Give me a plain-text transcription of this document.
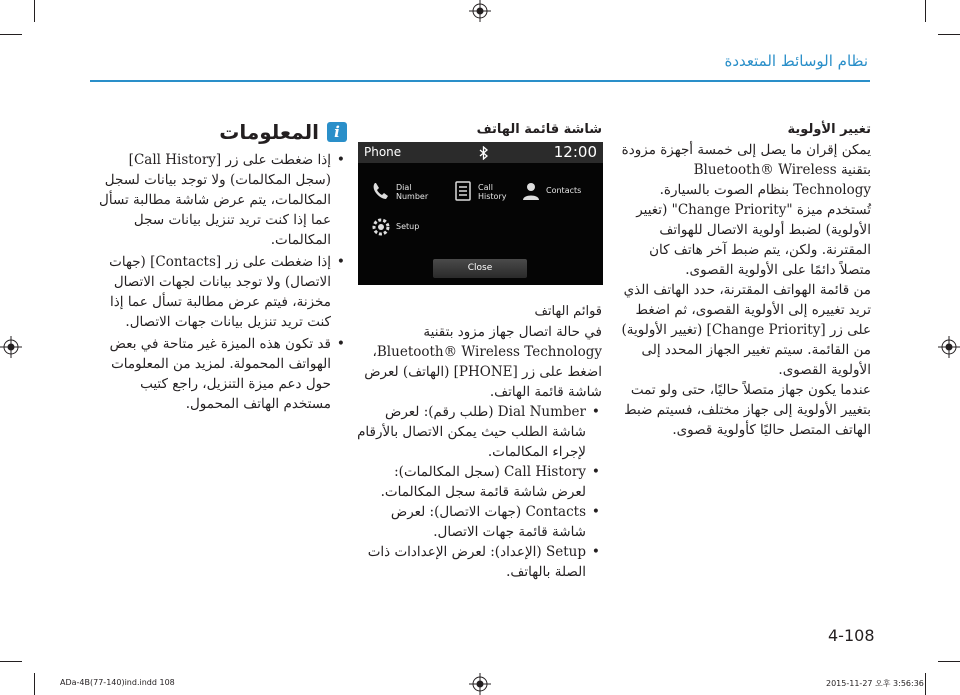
نظام الوسائط المتعددة

تغيير الأولوية

يمكن إقران ما يصل إلى خمسة أجهزة مزودة بتقنية Bluetooth® Wireless Technology بنظام الصوت بالسيارة.

تُستخدم ميزة "Change Priority" (تغيير الأولوية) لضبط أولوية الاتصال للهواتف المقترنة. ولكن، يتم ضبط آخر هاتف كان متصلاً دائمًا على الأولوية القصوى.

من قائمة الهواتف المقترنة، حدد الهاتف الذي تريد تغييره إلى الأولوية القصوى، ثم اضغط على زر [Change Priority] (تغيير الأولوية) من القائمة. سيتم تغيير الجهاز المحدد إلى الأولوية القصوى.

عندما يكون جهاز متصلاً حاليًا، حتى ولو تمت بتغيير الأولوية إلى جهاز مختلف، فسيتم ضبط الهاتف المتصل حاليًا كأولوية قصوى.

شاشة قائمة الهاتف

Phone	12:00
Dial
Number
Call
History
Contacts
Setup
Close

قوائم الهاتف

في حالة اتصال جهاز مزود بتقنية Bluetooth® Wireless Technology، اضغط على زر [PHONE] (الهاتف) لعرض شاشة قائمة الهاتف.

• Dial Number (طلب رقم): لعرض شاشة الطلب حيث يمكن الاتصال بالأرقام لإجراء المكالمات.
• Call History (سجل المكالمات): لعرض شاشة قائمة سجل المكالمات.
• Contacts (جهات الاتصال): لعرض شاشة قائمة جهات الاتصال.
• Setup (الإعداد): لعرض الإعدادات ذات الصلة بالهاتف.
i
المعلومات
• إذا ضغطت على زر [Call History] (سجل المكالمات) ولا توجد بيانات لسجل المكالمات، يتم عرض شاشة مطالبة تسأل عما إذا كنت تريد تنزيل بيانات سجل المكالمات.
• إذا ضغطت على زر [Contacts] (جهات الاتصال) ولا توجد بيانات لجهات الاتصال مخزنة، فيتم عرض مطالبة تسأل عما إذا كنت تريد تنزيل بيانات جهات الاتصال.
• قد تكون هذه الميزة غير متاحة في بعض الهواتف المحمولة. لمزيد من المعلومات حول دعم ميزة التنزيل، راجع كتيب مستخدم الهاتف المحمول.
4-108
ADa-4B(77-140)ind.indd 108	2015-11-27 오후 3:56:36
